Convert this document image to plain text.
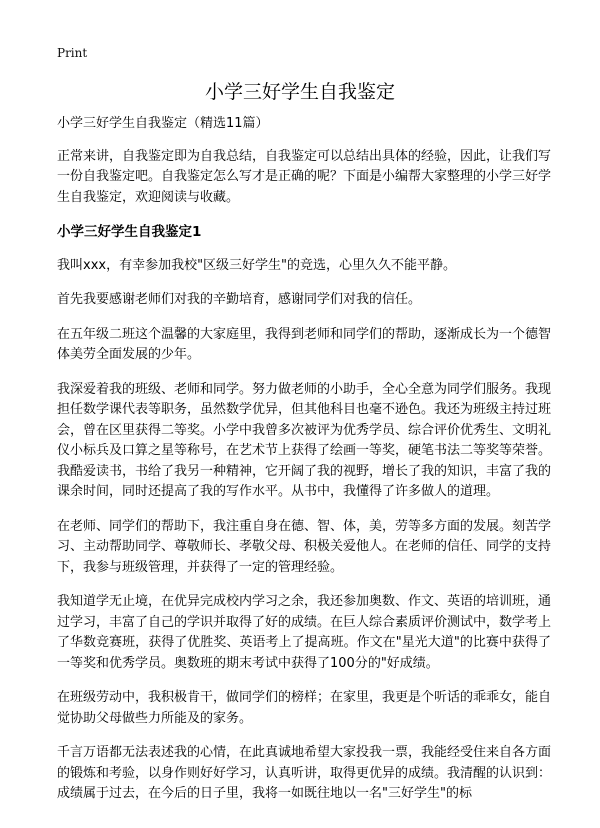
Print
小学三好学生自我鉴定

小学三好学生自我鉴定（精选11篇）

正常来讲，自我鉴定即为自我总结，自我鉴定可以总结出具体的经验，因此，让我们写一份自我鉴定吧。自我鉴定怎么写才是正确的呢？下面是小编帮大家整理的小学三好学生自我鉴定，欢迎阅读与收藏。

小学三好学生自我鉴定1

我叫xxx，有幸参加我校"区级三好学生"的竞选，心里久久不能平静。

首先我要感谢老师们对我的辛勤培育，感谢同学们对我的信任。

在五年级二班这个温馨的大家庭里，我得到老师和同学们的帮助，逐渐成长为一个德智体美劳全面发展的少年。

我深爱着我的班级、老师和同学。努力做老师的小助手，全心全意为同学们服务。我现担任数学课代表等职务，虽然数学优异，但其他科目也毫不逊色。我还为班级主持过班会，曾在区里获得二等奖。小学中我曾多次被评为优秀学员、综合评价优秀生、文明礼仪小标兵及口算之星等称号，在艺术节上获得了绘画一等奖，硬笔书法二等奖等荣誉。我酷爱读书，书给了我另一种精神，它开阔了我的视野，增长了我的知识，丰富了我的课余时间，同时还提高了我的写作水平。从书中，我懂得了许多做人的道理。

在老师、同学们的帮助下，我注重自身在德、智、体，美，劳等多方面的发展。刻苦学习、主动帮助同学、尊敬师长、孝敬父母、积极关爱他人。在老师的信任、同学的支持下，我参与班级管理，并获得了一定的管理经验。

我知道学无止境，在优异完成校内学习之余，我还参加奥数、作文、英语的培训班，通过学习，丰富了自己的学识并取得了好的成绩。在巨人综合素质评价测试中，数学考上了华数竞赛班，获得了优胜奖、英语考上了提高班。作文在"星光大道"的比赛中获得了一等奖和优秀学员。奥数班的期末考试中获得了100分的"好成绩。

在班级劳动中，我积极肯干，做同学们的榜样；在家里，我更是个听话的乖乖女，能自觉协助父母做些力所能及的家务。

千言万语都无法表述我的心情，在此真诚地希望大家投我一票，我能经受住来自各方面的锻炼和考验，以身作则好好学习，认真听讲，取得更优异的成绩。我清醒的认识到：成绩属于过去，在今后的日子里，我将一如既往地以一名"三好学生"的标
